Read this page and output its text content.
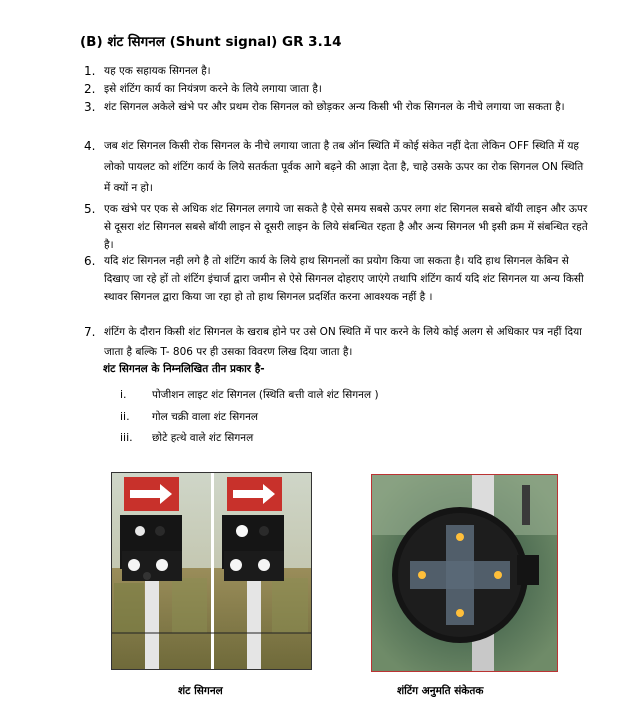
(B) शंट सिगनल (Shunt signal) GR 3.14
1. यह एक सहायक सिगनल है।
2. इसे शंटिंग कार्य का नियंत्रण करने के लिये लगाया जाता है।
3. शंट सिगनल अकेले खंभे पर और प्रथम रोक सिगनल को छोड़कर अन्य किसी भी रोक सिगनल के नीचे लगाया जा सकता है।
4. जब शंट सिगनल किसी रोक सिगनल के नीचे लगाया जाता है तब ऑन स्थिति में कोई संकेत नहीं देता लेकिन OFF स्थिति में यह लोको पायलट को शंटिंग कार्य के लिये सतर्कता पूर्वक आगे बढ़ने की आज्ञा देता है, चाहे उसके ऊपर का रोक सिगनल ON स्थिति में क्यों न हो।
5. एक खंभे पर एक से अधिक शंट सिगनल लगाये जा सकते है ऐसे समय सबसे ऊपर लगा शंट सिगनल सबसे बॉयी लाइन और ऊपर से दूसरा शंट सिगनल सबसे बॉयी लाइन से दूसरी लाइन के लिये संबन्धित रहता है और अन्य सिगनल भी इसी क्रम में संबन्धित रहते है।
6. यदि शंट सिगनल नही लगे है तो शंटिंग कार्य के लिये हाथ सिगनलों का प्रयोग किया जा सकता है। यदि हाथ सिगनल केबिन से दिखाए जा रहे हों तो शंटिंग इंचार्ज द्वारा जमीन से ऐसे सिगनल दोहराए जाएंगे तथापि शंटिंग कार्य यदि शंट सिगनल या अन्य किसी स्थावर सिगनल द्वारा किया जा रहा हो तो हाथ सिगनल प्रदर्शित करना आवश्यक नहीं है ।
7. शंटिंग के दौरान किसी शंट सिगनल के खराब होने पर उसे ON स्थिति में पार करने के लिये कोई अलग से अधिकार पत्र नहीं दिया जाता है बल्कि T- 806 पर ही उसका विवरण लिख दिया जाता है।
शंट सिगनल के निम्नलिखित तीन प्रकार है-
i. पोजीशन लाइट शंट सिगनल (स्थिति बत्ती वाले शंट सिगनल )
ii. गोल चक्री वाला शंट सिगनल
iii. छोटे हत्थे वाले शंट सिगनल
शंट सिगनल	शंटिंग अनुमति संकेतक
